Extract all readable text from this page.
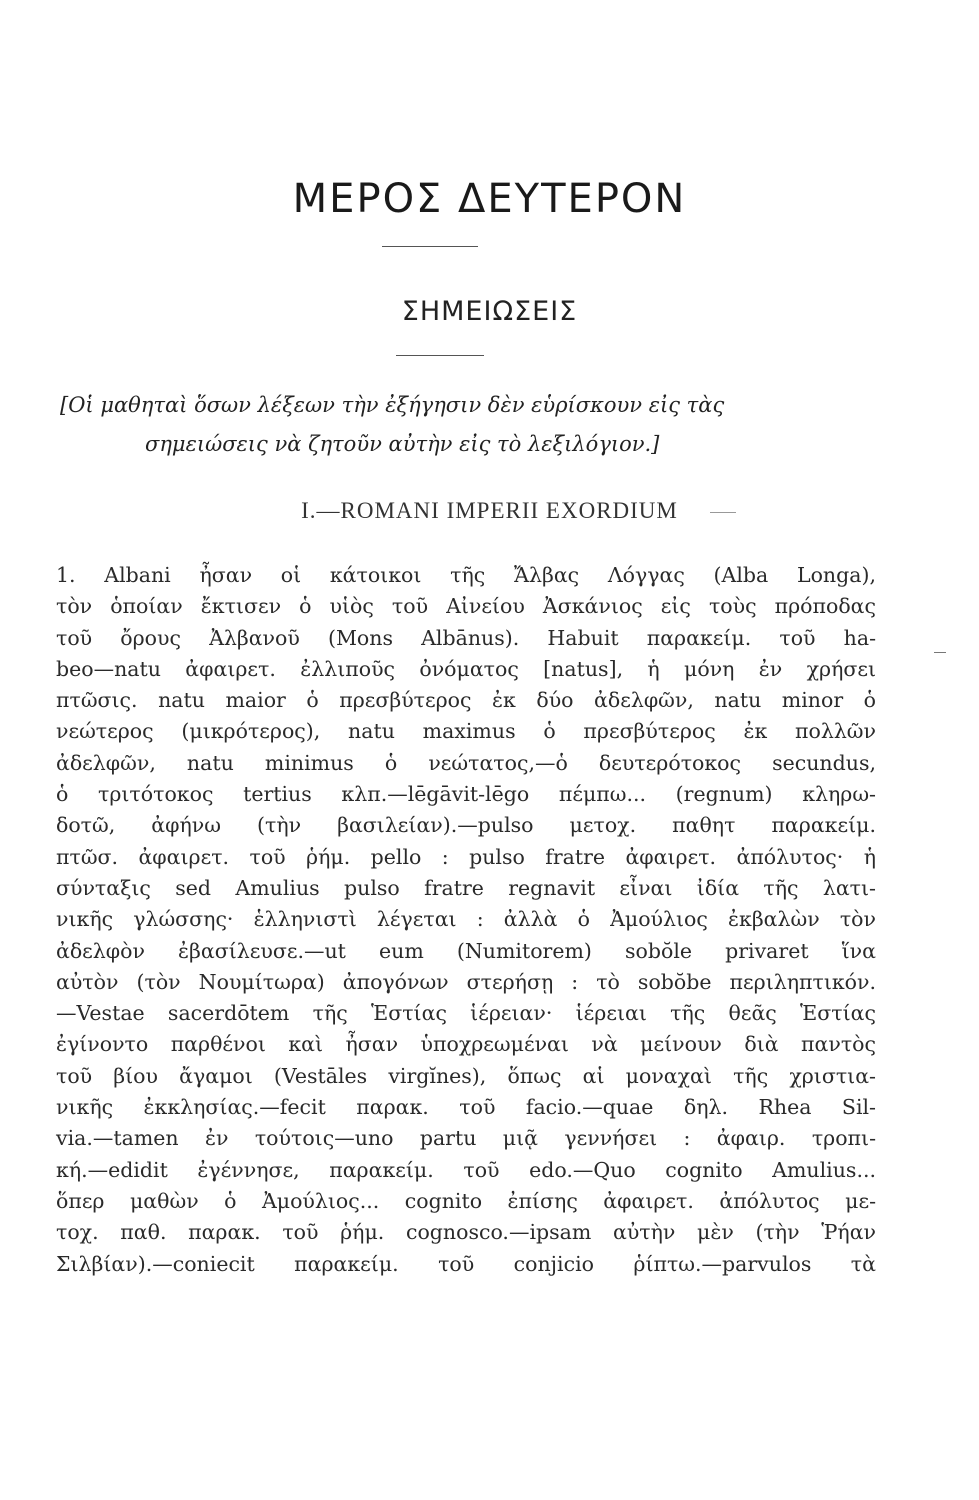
ΜΕΡΟΣ ΔΕΥΤΕΡΟΝ
ΣΗΜΕΙΩΣΕΙΣ
[Οἱ μαθηταὶ ὅσων λέξεων τὴν ἐξήγησιν δὲν εὑρίσκουν εἰς τὰς
σημειώσεις νὰ ζητοῦν αὐτὴν εἰς τὸ λεξιλόγιον.]
I.—ROMANI IMPERII EXORDIUM
1. Albani ἦσαν οἱ κάτοικοι τῆς Ἄλβας Λόγγας (Alba Longa),
τὸν ὁποίαν ἔκτισεν ὁ υἱὸς τοῦ Αἰνείου Ἀσκάνιος εἰς τοὺς πρόποδας
τοῦ ὄρους Ἀλβανοῦ (Mons Albānus). Habuit παρακείμ. τοῦ ha-
beo—natu ἀφαιρετ. ἐλλιποῦς ὀνόματος [natus], ἡ μόνη ἐν χρήσει
πτῶσις. natu maior ὁ πρεσβύτερος ἐκ δύο ἀδελφῶν, natu minor ὁ
νεώτερος (μικρότερος), natu maximus ὁ πρεσβύτερος ἐκ πολλῶν
ἀδελφῶν, natu minimus ὁ νεώτατος,—ὁ δευτερότοκος secundus,
ὁ τριτότοκος tertius κλπ.—lēgāvit-lēgo πέμπω... (regnum) κληρω-
δοτῶ, ἀφήνω (τὴν βασιλείαν).—pulso μετοχ. παθητ παρακείμ.
πτῶσ. ἀφαιρετ. τοῦ ῥήμ. pello : pulso fratre ἀφαιρετ. ἀπόλυτος· ἡ
σύνταξις sed Amulius pulso fratre regnavit εἶναι ἰδία τῆς λατι-
νικῆς γλώσσης· ἑλληνιστὶ λέγεται : ἀλλὰ ὁ Ἀμούλιος ἐκβαλὼν τὸν
ἀδελφὸν ἐβασίλευσε.—ut eum (Numitorem) sobŏle privaret ἵνα
αὐτὸν (τὸν Νουμίτωρα) ἀπογόνων στερήσῃ : τὸ sobŏbe περιληπτικόν.
—Vestae sacerdōtem τῆς Ἑστίας ἱέρειαν· ἱέρειαι τῆς θεᾶς Ἑστίας
ἐγίνοντο παρθένοι καὶ ἦσαν ὑποχρεωμέναι νὰ μείνουν διὰ παντὸς
τοῦ βίου ἄγαμοι (Vestāles virgĭnes), ὅπως αἱ μοναχαὶ τῆς χριστια-
νικῆς ἐκκλησίας.—fecit παρακ. τοῦ facio.—quae δηλ. Rhea Sil-
via.—tamen ἐν τούτοις—uno partu μιᾷ γεννήσει : ἀφαιρ. τροπι-
κή.—edidit ἐγέννησε, παρακείμ. τοῦ edo.—Quo cognito Amulius...
ὅπερ μαθὼν ὁ Ἀμούλιος... cognito ἐπίσης ἀφαιρετ. ἀπόλυτος με-
τοχ. παθ. παρακ. τοῦ ῥήμ. cognosco.—ipsam αὐτὴν μὲν (τὴν Ῥήαν
Σιλβίαν).—coniecit παρακείμ. τοῦ conjicio ῥίπτω.—parvulos τὰ
